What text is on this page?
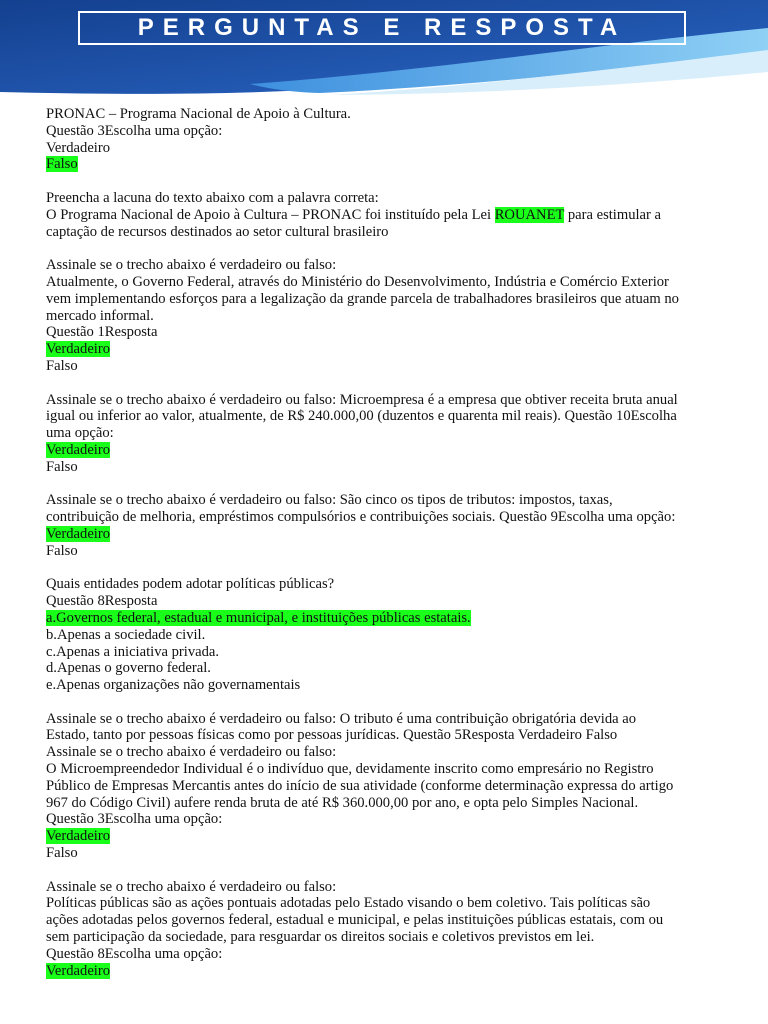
PERGUNTAS E RESPOSTA
PRONAC – Programa Nacional de Apoio à Cultura.
Questão 3Escolha uma opção:
Verdadeiro
Falso
Preencha a lacuna do texto abaixo com a palavra correta:
O Programa Nacional de Apoio à Cultura – PRONAC foi instituído pela Lei ROUANET para estimular a
captação de recursos destinados ao setor cultural brasileiro
Assinale se o trecho abaixo é verdadeiro ou falso:
Atualmente, o Governo Federal, através do Ministério do Desenvolvimento, Indústria e Comércio Exterior
vem implementando esforços para a legalização da grande parcela de trabalhadores brasileiros que atuam no
mercado informal.
Questão 1Resposta
Verdadeiro
Falso
Assinale se o trecho abaixo é verdadeiro ou falso: Microempresa é a empresa que obtiver receita bruta anual
igual ou inferior ao valor, atualmente, de R$ 240.000,00 (duzentos e quarenta mil reais). Questão 10Escolha
uma opção:
Verdadeiro
Falso
Assinale se o trecho abaixo é verdadeiro ou falso: São cinco os tipos de tributos: impostos, taxas,
contribuição de melhoria, empréstimos compulsórios e contribuições sociais. Questão 9Escolha uma opção:
Verdadeiro
Falso
Quais entidades podem adotar políticas públicas?
Questão 8Resposta
a.Governos federal, estadual e municipal, e instituições públicas estatais.
b.Apenas a sociedade civil.
c.Apenas a iniciativa privada.
d.Apenas o governo federal.
e.Apenas organizações não governamentais
Assinale se o trecho abaixo é verdadeiro ou falso: O tributo é uma contribuição obrigatória devida ao
Estado, tanto por pessoas físicas como por pessoas jurídicas. Questão 5Resposta Verdadeiro Falso
Assinale se o trecho abaixo é verdadeiro ou falso:
O Microempreendedor Individual é o indivíduo que, devidamente inscrito como empresário no Registro
Público de Empresas Mercantis antes do início de sua atividade (conforme determinação expressa do artigo
967 do Código Civil) aufere renda bruta de até R$ 360.000,00 por ano, e opta pelo Simples Nacional.
Questão 3Escolha uma opção:
Verdadeiro
Falso
Assinale se o trecho abaixo é verdadeiro ou falso:
Políticas públicas são as ações pontuais adotadas pelo Estado visando o bem coletivo. Tais políticas são
ações adotadas pelos governos federal, estadual e municipal, e pelas instituições públicas estatais, com ou
sem participação da sociedade, para resguardar os direitos sociais e coletivos previstos em lei.
Questão 8Escolha uma opção:
Verdadeiro
